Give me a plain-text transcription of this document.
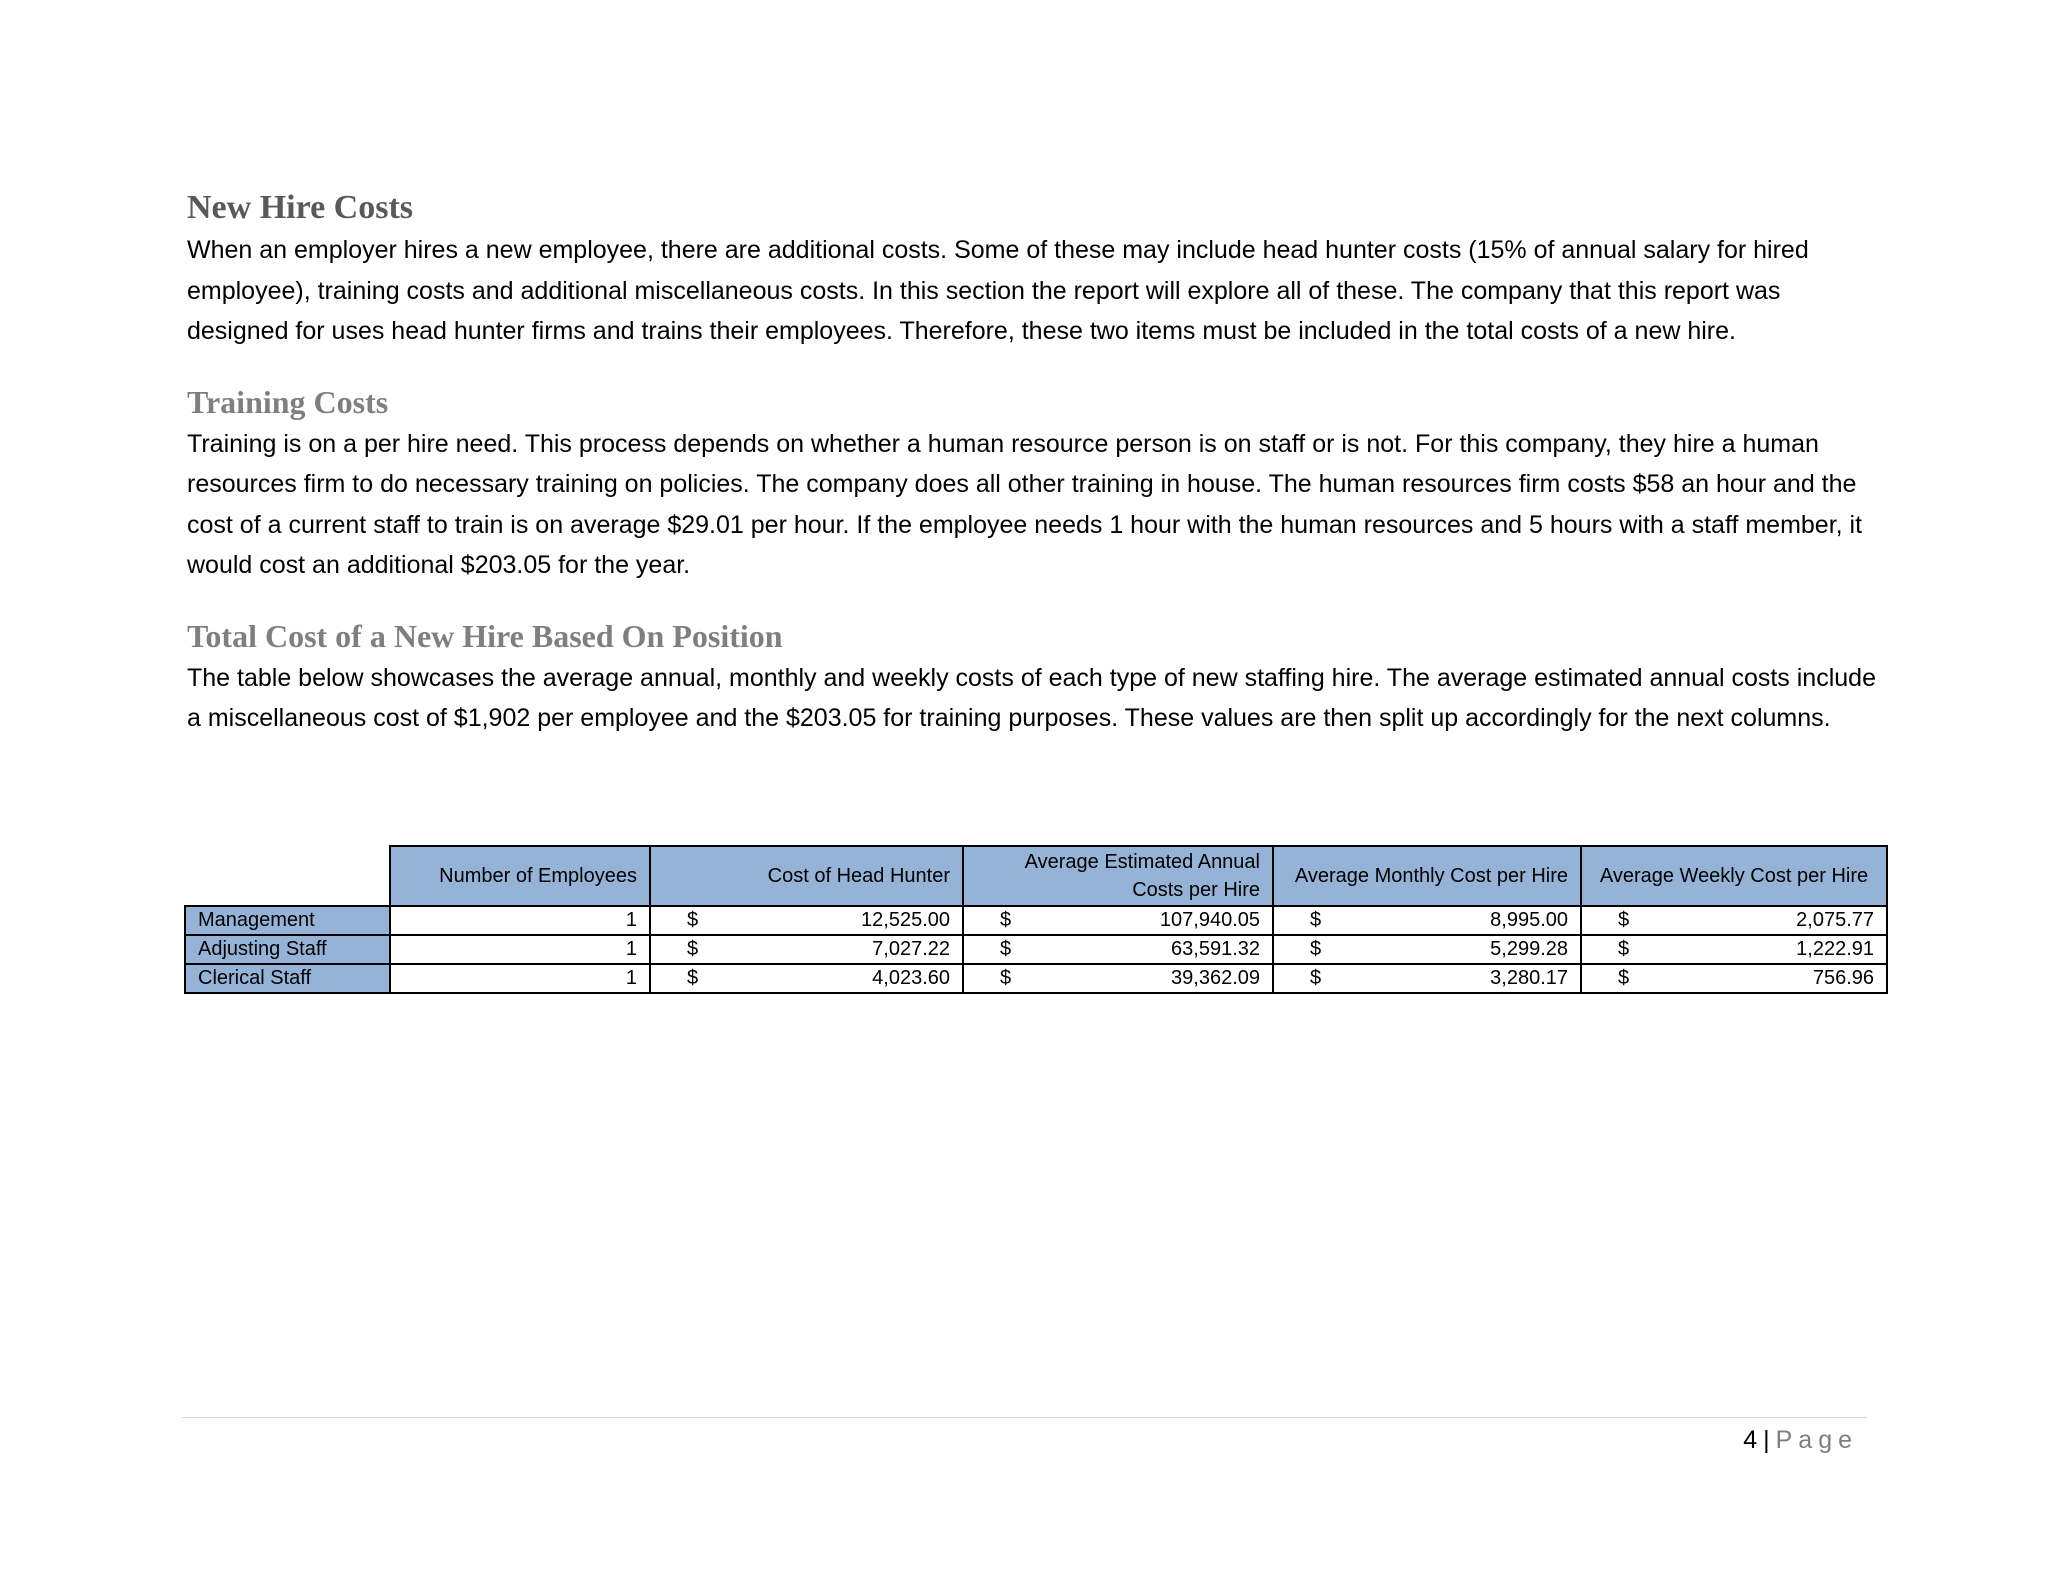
New Hire Costs

When an employer hires a new employee, there are additional costs. Some of these may include head hunter costs (15% of annual salary for hired employee), training costs and additional miscellaneous costs. In this section the report will explore all of these. The company that this report was designed for uses head hunter firms and trains their employees. Therefore, these two items must be included in the total costs of a new hire.

Training Costs

Training is on a per hire need. This process depends on whether a human resource person is on staff or is not. For this company, they hire a human resources firm to do necessary training on policies. The company does all other training in house. The human resources firm costs $58 an hour and the cost of a current staff to train is on average $29.01 per hour. If the employee needs 1 hour with the human resources and 5 hours with a staff member, it would cost an additional $203.05 for the year.

Total Cost of a New Hire Based On Position

The table below showcases the average annual, monthly and weekly costs of each type of new staffing hire. The average estimated annual costs include a miscellaneous cost of $1,902 per employee and the $203.05 for training purposes. These values are then split up accordingly for the next columns.

	Number of Employees	Cost of Head Hunter	Average Estimated Annual Costs per Hire	Average Monthly Cost per Hire	Average Weekly Cost per Hire
Management	1	$ 12,525.00	$ 107,940.05	$ 8,995.00	$ 2,075.77

Adjusting Staff	1	$ 7,027.22	$ 63,591.32	$ 5,299.28	$ 1,222.91

Clerical Staff	1	$ 4,023.60	$ 39,362.09	$ 3,280.17	$ 756.96
4 | Page
